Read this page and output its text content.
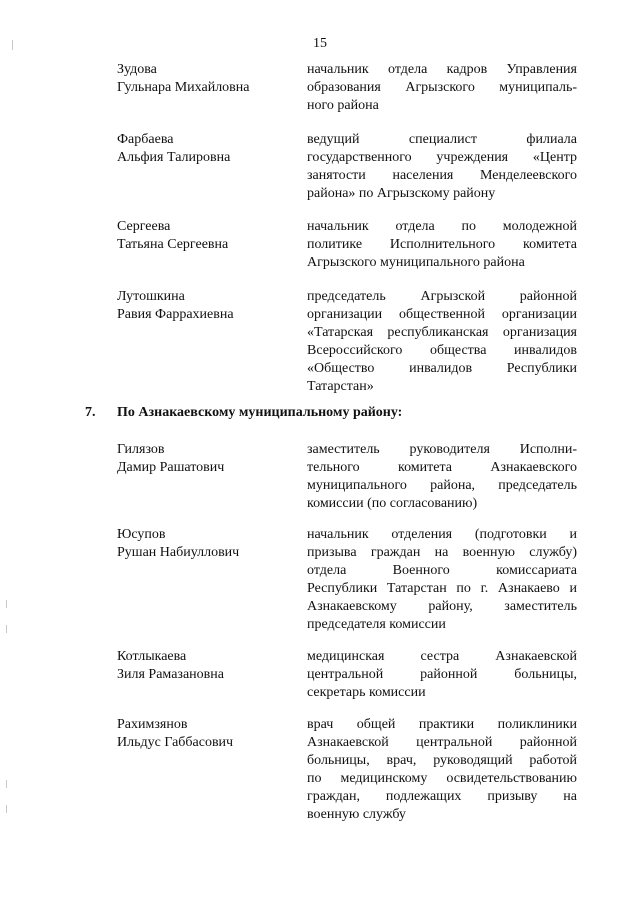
15
Зудова
Гульнара Михайловна
начальник отдела кадров Управления
образования Агрызского муниципаль-
ного района
Фарбаева
Альфия Талировна
ведущий специалист филиала
государственного учреждения «Центр
занятости населения Менделеевского
района» по Агрызскому району
Сергеева
Татьяна Сергеевна
начальник отдела по молодежной
политике Исполнительного комитета
Агрызского муниципального района
Лутошкина
Равия Фаррахиевна
председатель Агрызской районной
организации общественной организации
«Татарская республиканская организация
Всероссийского общества инвалидов
«Общество инвалидов Республики
Татарстан»
7. По Азнакаевскому муниципальному району:
Гилязов
Дамир Рашатович
заместитель руководителя Исполни-
тельного комитета Азнакаевского
муниципального района, председатель
комиссии (по согласованию)
Юсупов
Рушан Набиуллович
начальник отделения (подготовки и
призыва граждан на военную службу)
отдела Военного комиссариата
Республики Татарстан по г. Азнакаево и
Азнакаевскому району, заместитель
председателя комиссии
Котлыкаева
Зиля Рамазановна
медицинская сестра Азнакаевской
центральной районной больницы,
секретарь комиссии
Рахимзянов
Ильдус Габбасович
врач общей практики поликлиники
Азнакаевской центральной районной
больницы, врач, руководящий работой
по медицинскому освидетельствованию
граждан, подлежащих призыву на
военную службу
